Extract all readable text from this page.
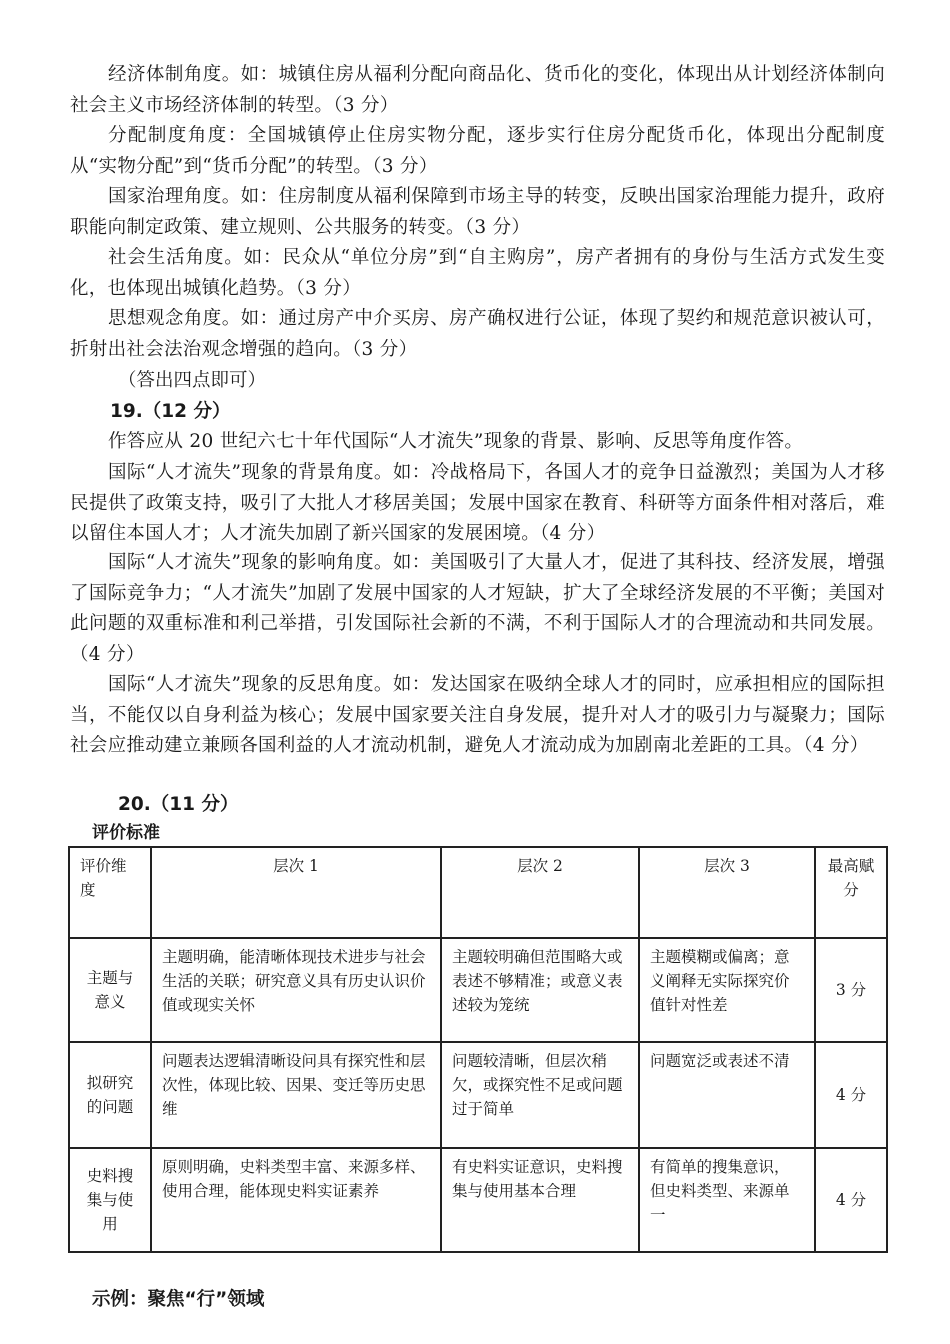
经济体制角度。如：城镇住房从福利分配向商品化、货币化的变化，体现出从计划经济体制向社会主义市场经济体制的转型。（3 分）

分配制度角度：全国城镇停止住房实物分配，逐步实行住房分配货币化，体现出分配制度从“实物分配”到“货币分配”的转型。（3 分）

国家治理角度。如：住房制度从福利保障到市场主导的转变，反映出国家治理能力提升，政府职能向制定政策、建立规则、公共服务的转变。（3 分）

社会生活角度。如：民众从“单位分房”到“自主购房”，房产者拥有的身份与生活方式发生变化，也体现出城镇化趋势。（3 分）

思想观念角度。如：通过房产中介买房、房产确权进行公证，体现了契约和规范意识被认可，折射出社会法治观念增强的趋向。（3 分）

（答出四点即可）

19.（12 分）

作答应从 20 世纪六七十年代国际“人才流失”现象的背景、影响、反思等角度作答。

国际“人才流失”现象的背景角度。如：冷战格局下，各国人才的竞争日益激烈；美国为人才移民提供了政策支持，吸引了大批人才移居美国；发展中国家在教育、科研等方面条件相对落后，难以留住本国人才；人才流失加剧了新兴国家的发展困境。（4 分）

国际“人才流失”现象的影响角度。如：美国吸引了大量人才，促进了其科技、经济发展，增强了国际竞争力；“人才流失”加剧了发展中国家的人才短缺，扩大了全球经济发展的不平衡；美国对此问题的双重标准和利己举措，引发国际社会新的不满，不利于国际人才的合理流动和共同发展。（4 分）

国际“人才流失”现象的反思角度。如：发达国家在吸纳全球人才的同时，应承担相应的国际担当，不能仅以自身利益为核心；发展中国家要关注自身发展，提升对人才的吸引力与凝聚力；国际社会应推动建立兼顾各国利益的人才流动机制，避免人才流动成为加剧南北差距的工具。（4 分）

20.（11 分）

评价标准

评价维度	层次 1	层次 2	层次 3	最高赋分
主题与意义	主题明确，能清晰体现技术进步与社会生活的关联；研究意义具有历史认识价值或现实关怀	主题较明确但范围略大或表述不够精准；或意义表述较为笼统	主题模糊或偏离；意义阐释无实际探究价值针对性差	3 分
拟研究的问题	问题表达逻辑清晰设问具有探究性和层次性，体现比较、因果、变迁等历史思维	问题较清晰，但层次稍欠，或探究性不足或问题过于简单	问题宽泛或表述不清	4 分
史料搜集与使用	原则明确，史料类型丰富、来源多样、使用合理，能体现史料实证素养	有史料实证意识，史料搜集与使用基本合理	有简单的搜集意识，但史料类型、来源单一	4 分

示例：聚焦“行”领域
